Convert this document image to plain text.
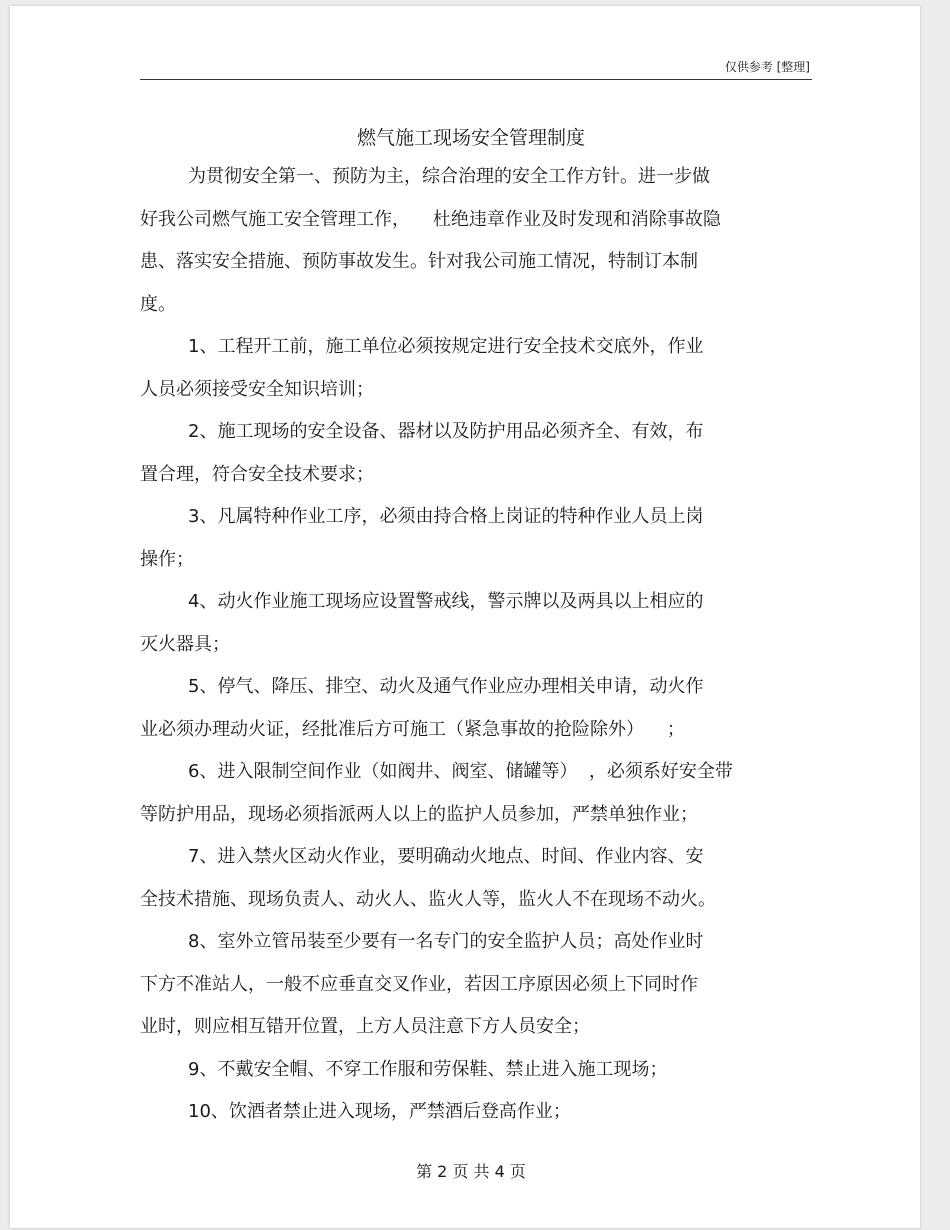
仅供参考 [整理]
燃气施工现场安全管理制度
为贯彻安全第一、预防为主，综合治理的安全工作方针。进一步做
好我公司燃气施工安全管理工作，    杜绝违章作业及时发现和消除事故隐
患、落实安全措施、预防事故发生。针对我公司施工情况，特制订本制
度。
1、工程开工前，施工单位必须按规定进行安全技术交底外，作业
人员必须接受安全知识培训；
2、施工现场的安全设备、器材以及防护用品必须齐全、有效，布
置合理，符合安全技术要求；
3、凡属特种作业工序，必须由持合格上岗证的特种作业人员上岗
操作；
4、动火作业施工现场应设置警戒线，警示牌以及两具以上相应的
灭火器具；
5、停气、降压、排空、动火及通气作业应办理相关申请，动火作
业必须办理动火证，经批准后方可施工（紧急事故的抢险除外）    ；
6、进入限制空间作业（如阀井、阀室、储罐等）  ，必须系好安全带
等防护用品，现场必须指派两人以上的监护人员参加，严禁单独作业；
7、进入禁火区动火作业，要明确动火地点、时间、作业内容、安
全技术措施、现场负责人、动火人、监火人等，监火人不在现场不动火。
8、室外立管吊装至少要有一名专门的安全监护人员；高处作业时
下方不准站人，一般不应垂直交叉作业，若因工序原因必须上下同时作
业时，则应相互错开位置，上方人员注意下方人员安全；
9、不戴安全帽、不穿工作服和劳保鞋、禁止进入施工现场；
10、饮酒者禁止进入现场，严禁酒后登高作业；
第 2 页 共 4 页
